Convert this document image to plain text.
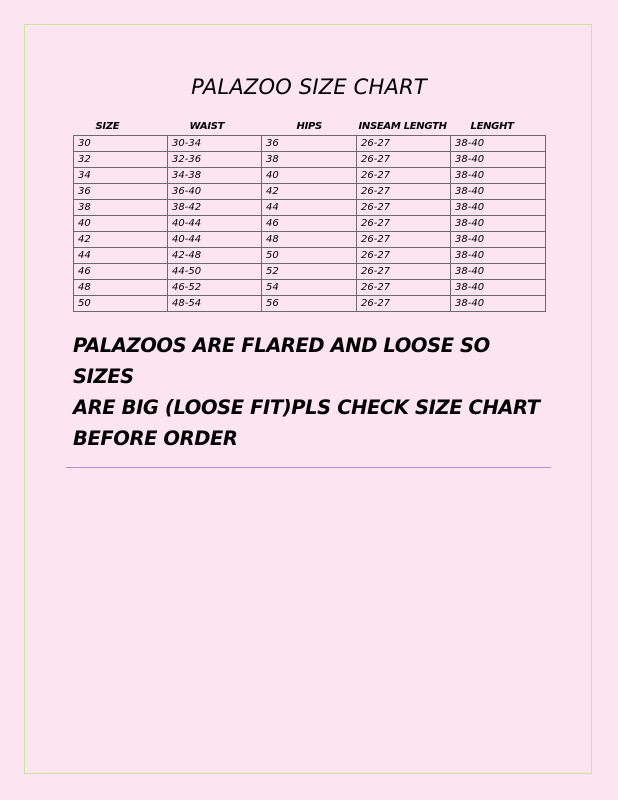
PALAZOO SIZE CHART
SIZE	WAIST	HIPS	INSEAM LENGTH	LENGHT
30	30-34	36	26-27	38-40
32	32-36	38	26-27	38-40
34	34-38	40	26-27	38-40
36	36-40	42	26-27	38-40
38	38-42	44	26-27	38-40
40	40-44	46	26-27	38-40
42	40-44	48	26-27	38-40
44	42-48	50	26-27	38-40
46	44-50	52	26-27	38-40
48	46-52	54	26-27	38-40
50	48-54	56	26-27	38-40
PALAZOOS ARE FLARED AND LOOSE SO SIZES
ARE BIG (LOOSE FIT)PLS CHECK SIZE CHART
BEFORE ORDER
